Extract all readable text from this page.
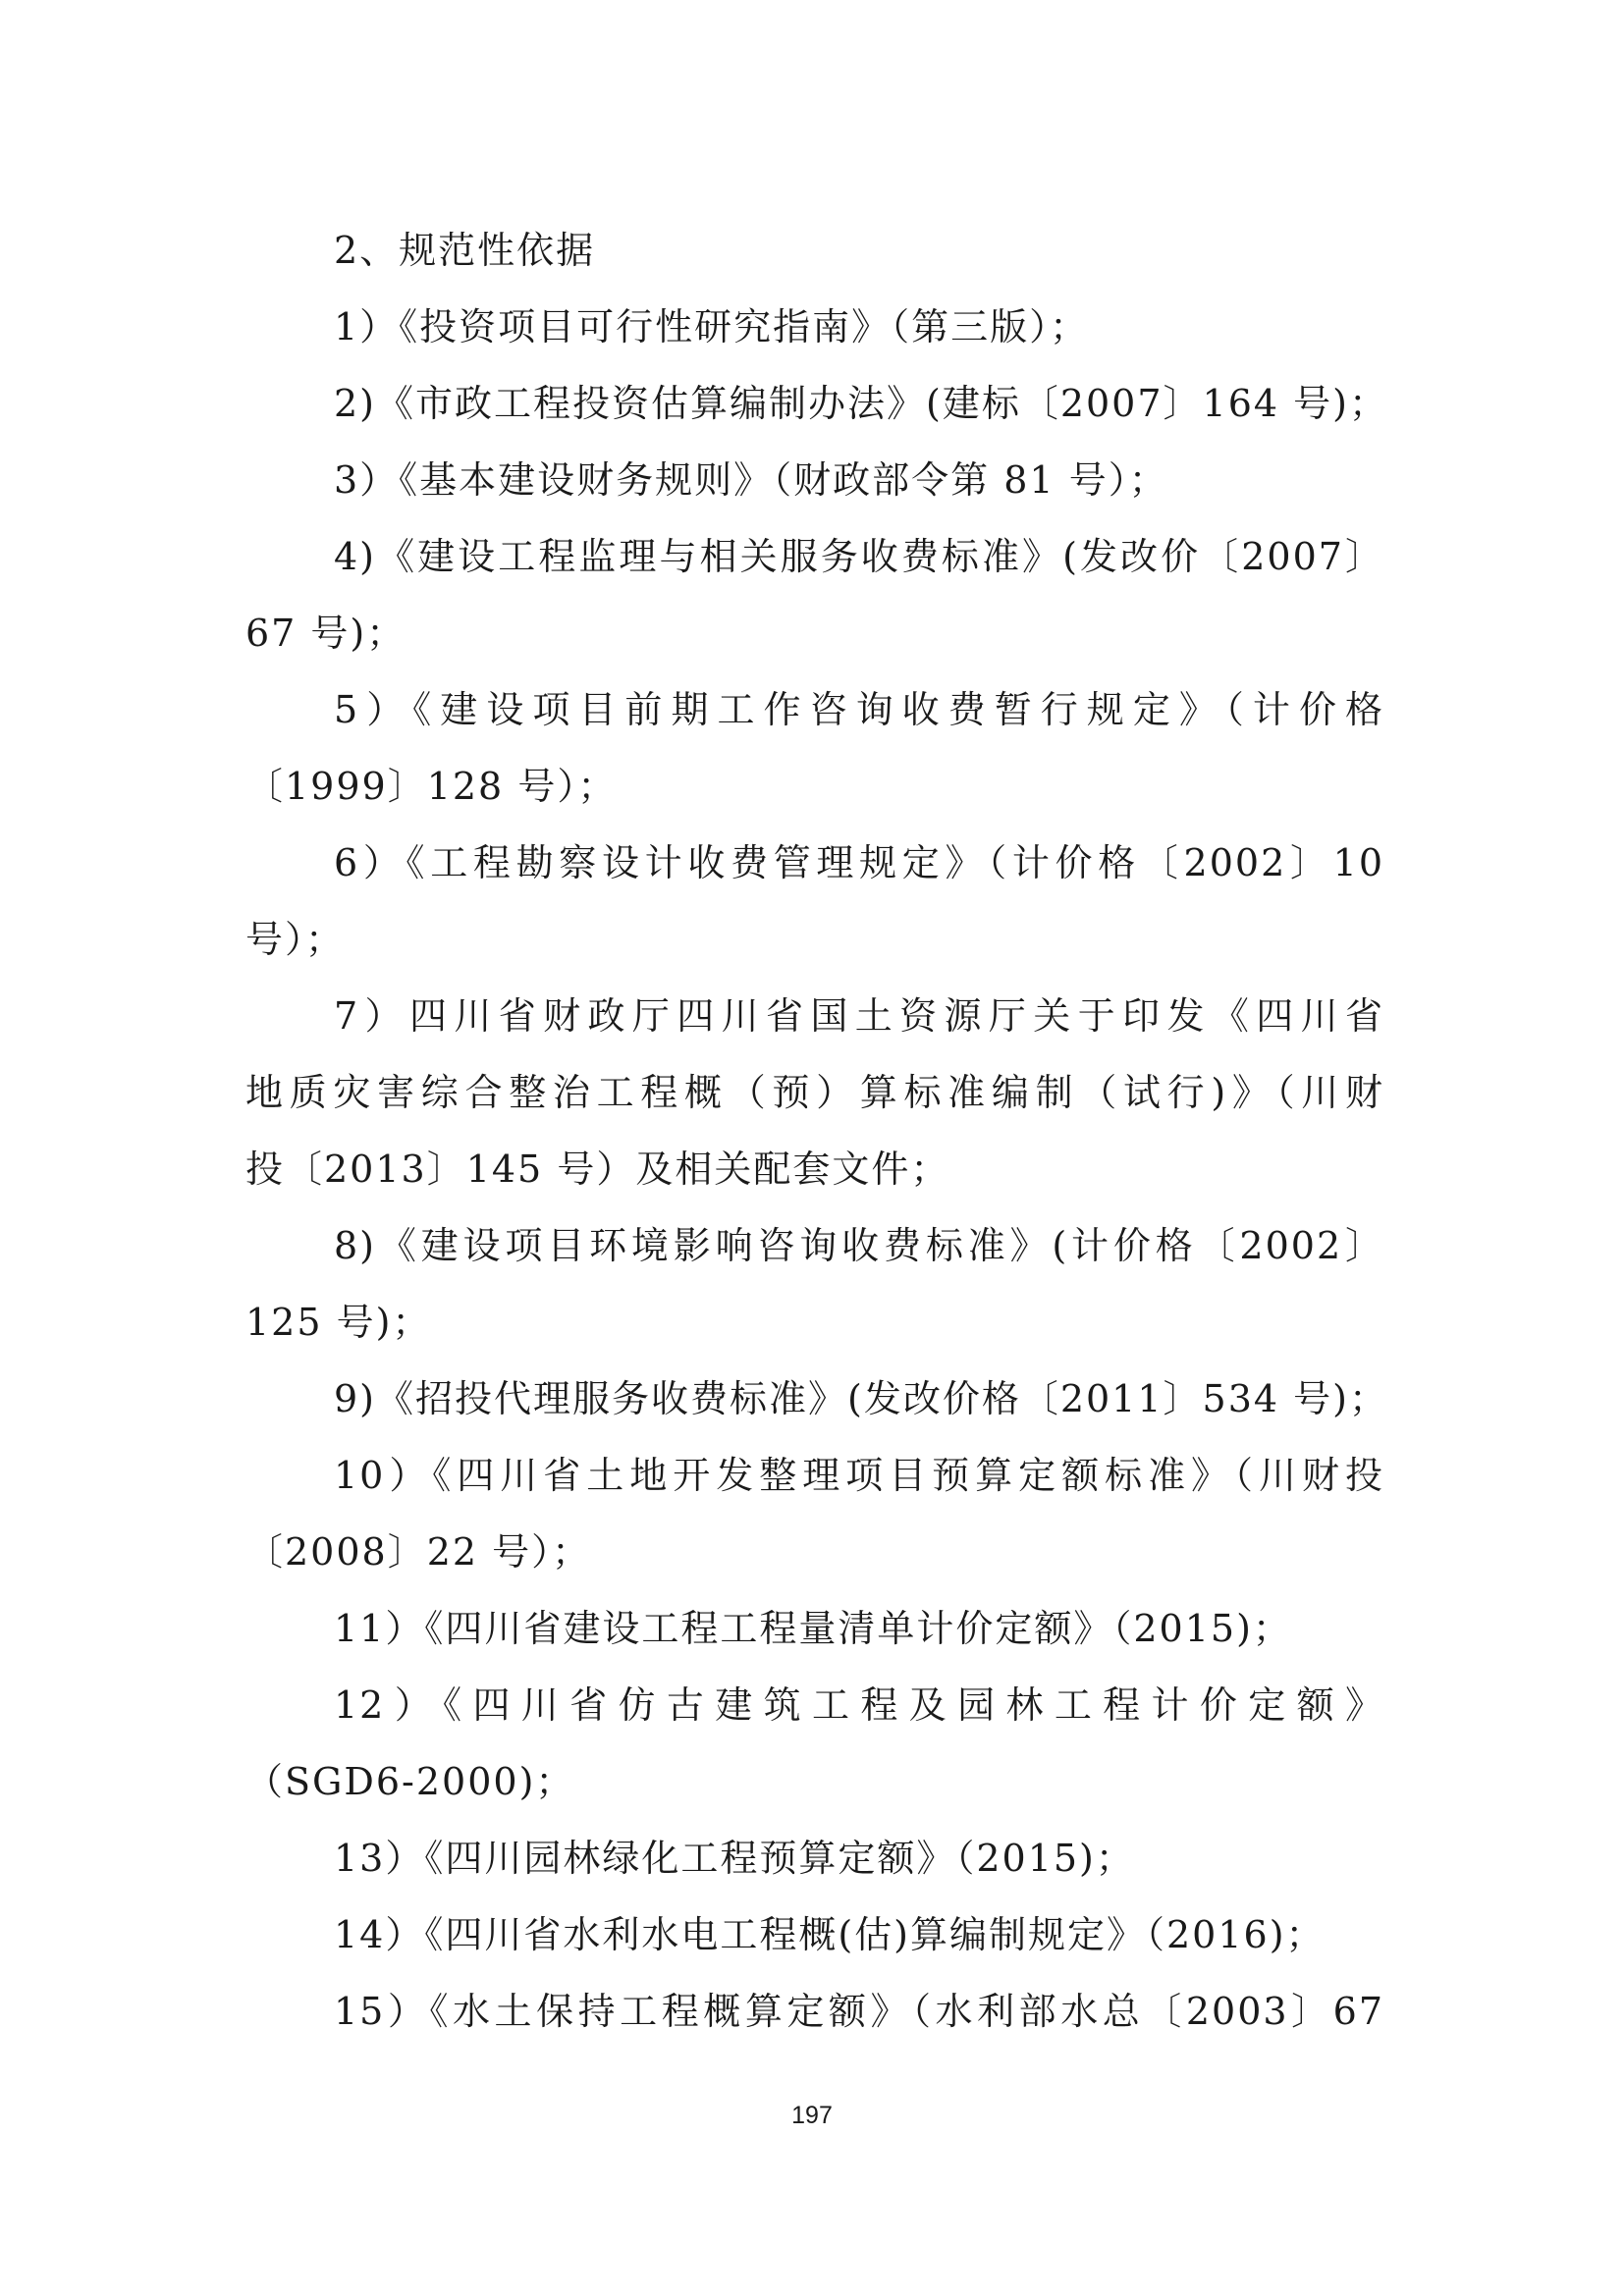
2、规范性依据
1）《投资项目可行性研究指南》（第三版）；
2)《市政工程投资估算编制办法》(建标〔2007〕164 号)；
3）《基本建设财务规则》（财政部令第 81 号）；
4)《建设工程监理与相关服务收费标准》(发改价〔2007〕
67 号)；
5）《建设项目前期工作咨询收费暂行规定》（计价格
〔1999〕128 号）；
6）《工程勘察设计收费管理规定》（计价格〔2002〕10
号）；
7）四川省财政厅四川省国土资源厅关于印发《四川省
地质灾害综合整治工程概（预）算标准编制（试行)》（川财
投〔2013〕145 号）及相关配套文件；
8)《建设项目环境影响咨询收费标准》(计价格〔2002〕
125 号)；
9)《招投代理服务收费标准》(发改价格〔2011〕534 号)；
10）《四川省土地开发整理项目预算定额标准》（川财投
〔2008〕22 号）；
11）《四川省建设工程工程量清单计价定额》（2015)；
12）《四川省仿古建筑工程及园林工程计价定额》
（SGD6-2000)；
13）《四川园林绿化工程预算定额》（2015)；
14）《四川省水利水电工程概(估)算编制规定》（2016)；
15）《水土保持工程概算定额》（水利部水总〔2003〕67
197
